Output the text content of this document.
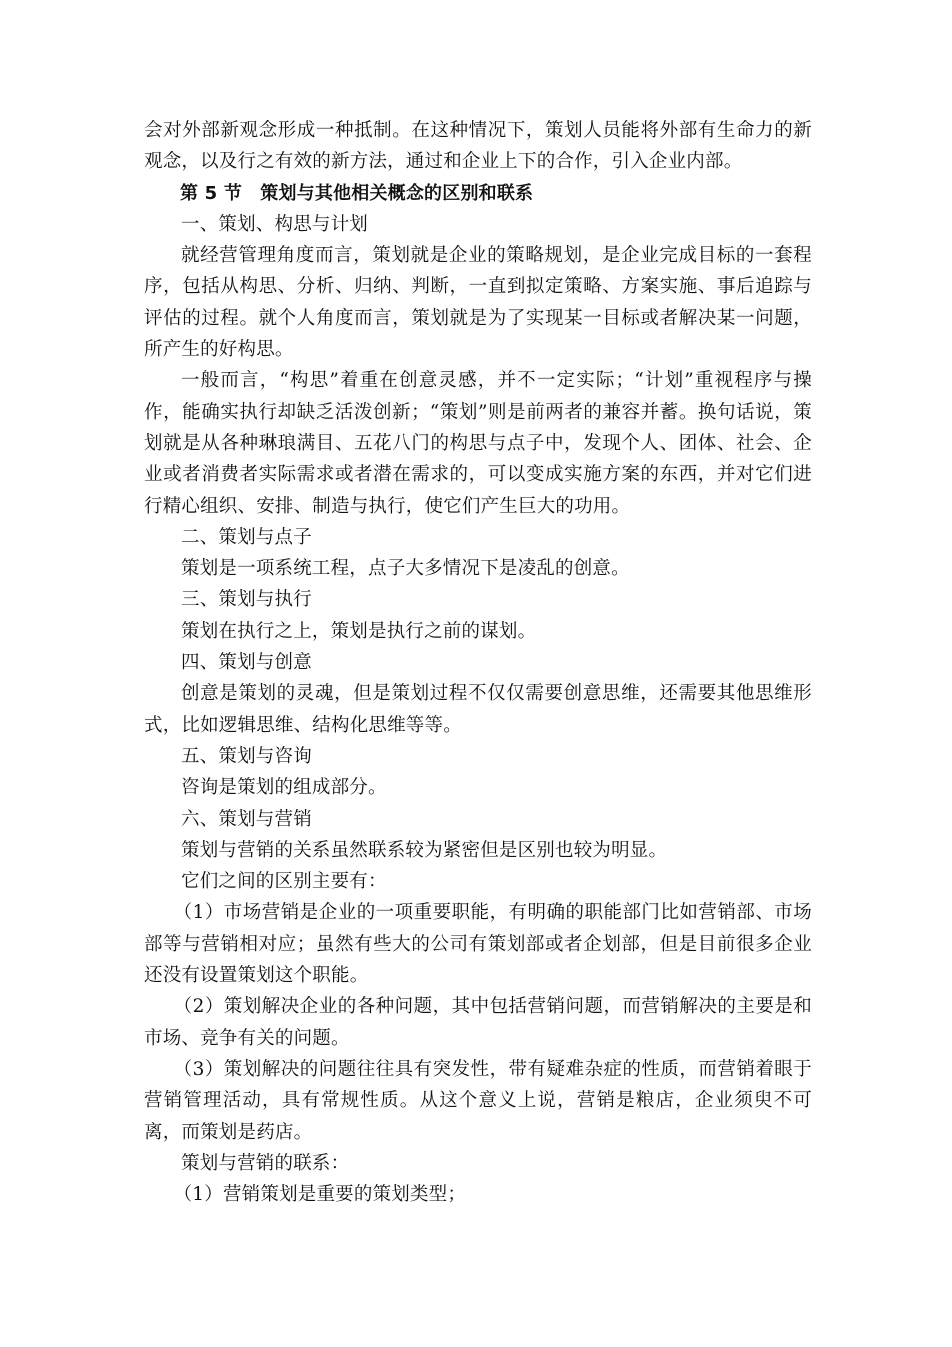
会对外部新观念形成一种抵制。在这种情况下，策划人员能将外部有生命力的新观念，以及行之有效的新方法，通过和企业上下的合作，引入企业内部。

第 5 节　策划与其他相关概念的区别和联系

一、策划、构思与计划

就经营管理角度而言，策划就是企业的策略规划，是企业完成目标的一套程序，包括从构思、分析、归纳、判断，一直到拟定策略、方案实施、事后追踪与评估的过程。就个人角度而言，策划就是为了实现某一目标或者解决某一问题，所产生的好构思。

一般而言，“构思”着重在创意灵感，并不一定实际；“计划”重视程序与操作，能确实执行却缺乏活泼创新；“策划”则是前两者的兼容并蓄。换句话说，策划就是从各种琳琅满目、五花八门的构思与点子中，发现个人、团体、社会、企业或者消费者实际需求或者潜在需求的，可以变成实施方案的东西，并对它们进行精心组织、安排、制造与执行，使它们产生巨大的功用。

二、策划与点子

策划是一项系统工程，点子大多情况下是凌乱的创意。

三、策划与执行

策划在执行之上，策划是执行之前的谋划。

四、策划与创意

创意是策划的灵魂，但是策划过程不仅仅需要创意思维，还需要其他思维形式，比如逻辑思维、结构化思维等等。

五、策划与咨询

咨询是策划的组成部分。

六、策划与营销

策划与营销的关系虽然联系较为紧密但是区别也较为明显。

它们之间的区别主要有：

（1）市场营销是企业的一项重要职能，有明确的职能部门比如营销部、市场部等与营销相对应；虽然有些大的公司有策划部或者企划部，但是目前很多企业还没有设置策划这个职能。

（2）策划解决企业的各种问题，其中包括营销问题，而营销解决的主要是和市场、竞争有关的问题。

（3）策划解决的问题往往具有突发性，带有疑难杂症的性质，而营销着眼于营销管理活动，具有常规性质。从这个意义上说，营销是粮店，企业须臾不可离，而策划是药店。

策划与营销的联系：

（1）营销策划是重要的策划类型；
